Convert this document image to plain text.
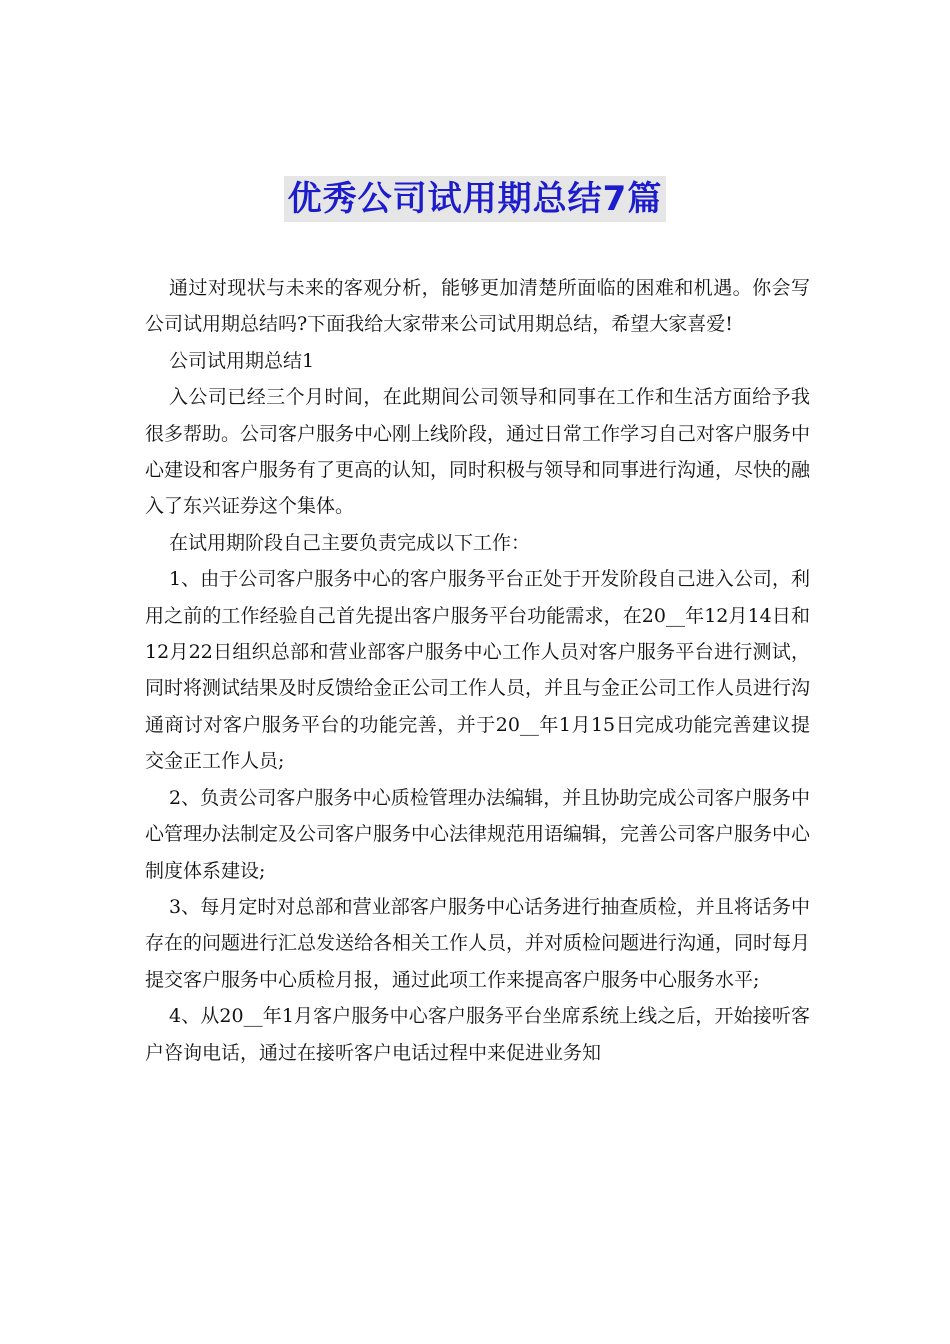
优秀公司试用期总结7篇

通过对现状与未来的客观分析，能够更加清楚所面临的困难和机遇。你会写公司试用期总结吗?下面我给大家带来公司试用期总结，希望大家喜爱!

公司试用期总结1

入公司已经三个月时间，在此期间公司领导和同事在工作和生活方面给予我很多帮助。公司客户服务中心刚上线阶段，通过日常工作学习自己对客户服务中心建设和客户服务有了更高的认知，同时积极与领导和同事进行沟通，尽快的融入了东兴证券这个集体。

在试用期阶段自己主要负责完成以下工作：

1、由于公司客户服务中心的客户服务平台正处于开发阶段自己进入公司，利用之前的工作经验自己首先提出客户服务平台功能需求，在20__年12月14日和12月22日组织总部和营业部客户服务中心工作人员对客户服务平台进行测试，同时将测试结果及时反馈给金正公司工作人员，并且与金正公司工作人员进行沟通商讨对客户服务平台的功能完善，并于20__年1月15日完成功能完善建议提交金正工作人员;

2、负责公司客户服务中心质检管理办法编辑，并且协助完成公司客户服务中心管理办法制定及公司客户服务中心法律规范用语编辑，完善公司客户服务中心制度体系建设;

3、每月定时对总部和营业部客户服务中心话务进行抽查质检，并且将话务中存在的问题进行汇总发送给各相关工作人员，并对质检问题进行沟通，同时每月提交客户服务中心质检月报，通过此项工作来提高客户服务中心服务水平;

4、从20__年1月客户服务中心客户服务平台坐席系统上线之后，开始接听客户咨询电话，通过在接听客户电话过程中来促进业务知
